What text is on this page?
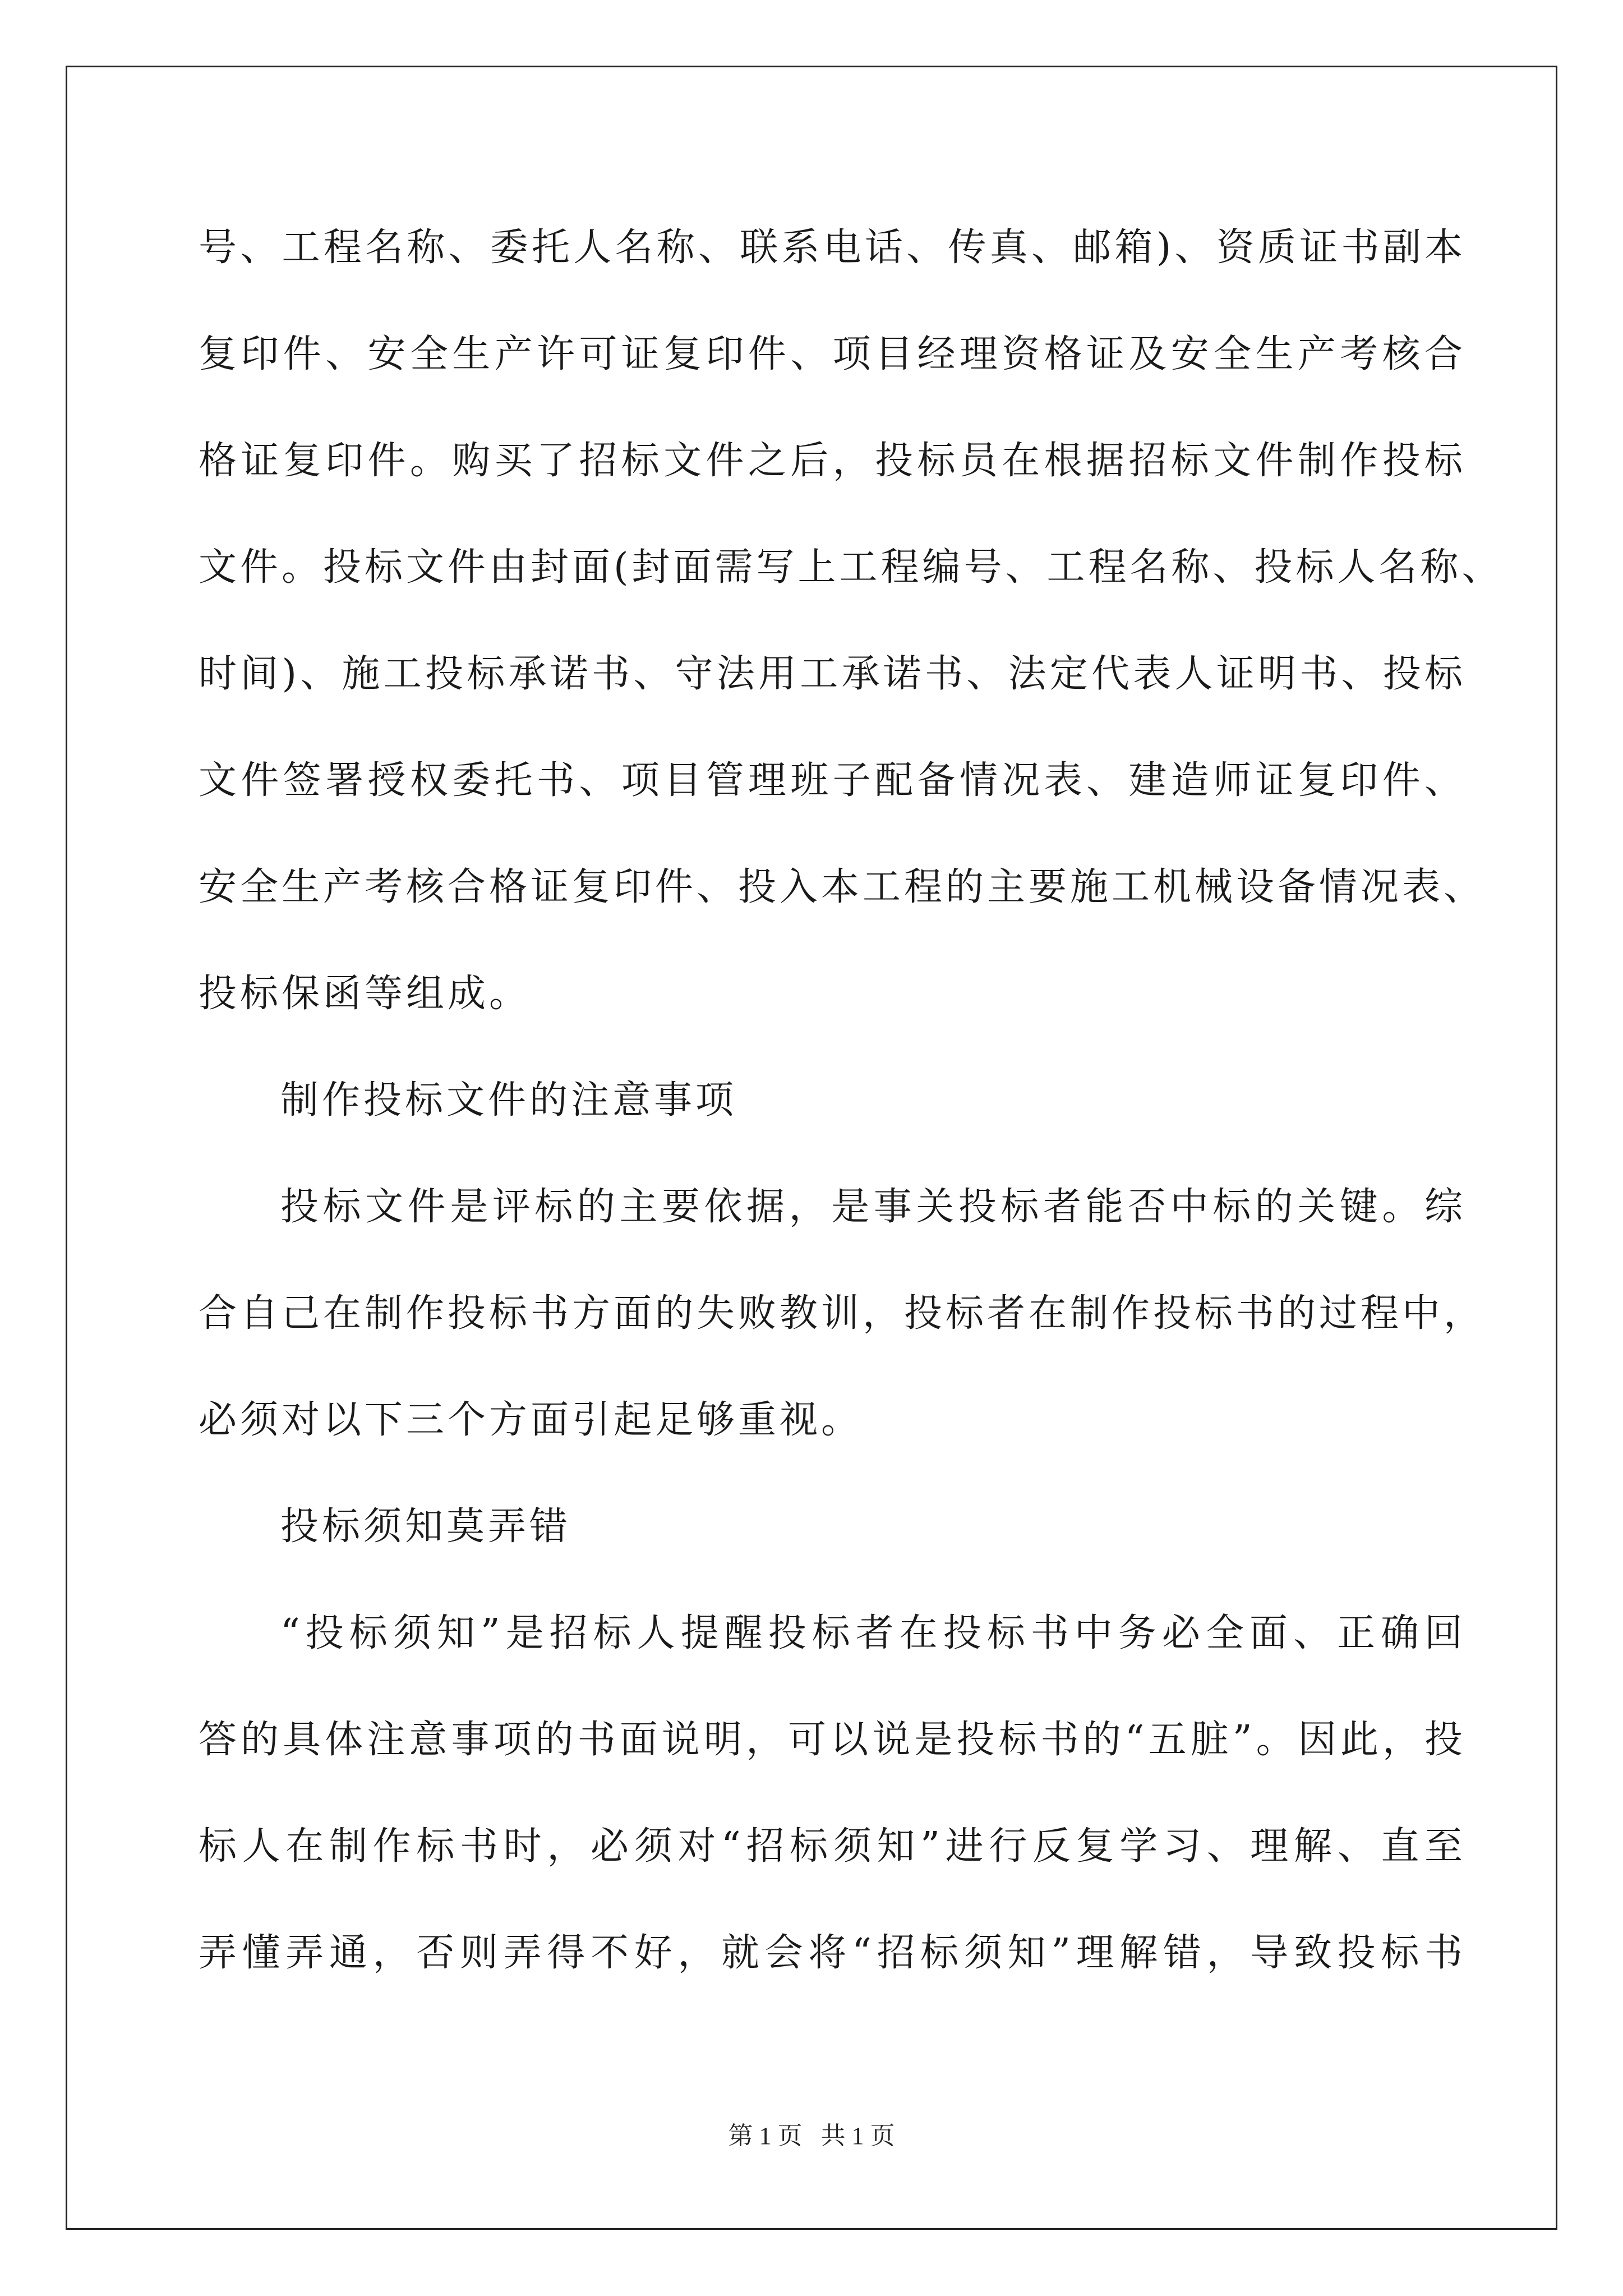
号、工程名称、委托人名称、联系电话、传真、邮箱)、资质证书副本
复印件、安全生产许可证复印件、项目经理资格证及安全生产考核合
格证复印件。购买了招标文件之后，投标员在根据招标文件制作投标
文件。投标文件由封面(封面需写上工程编号、工程名称、投标人名称、
时间)、施工投标承诺书、守法用工承诺书、法定代表人证明书、投标
文件签署授权委托书、项目管理班子配备情况表、建造师证复印件、
安全生产考核合格证复印件、投入本工程的主要施工机械设备情况表、
投标保函等组成。
制作投标文件的注意事项
投标文件是评标的主要依据，是事关投标者能否中标的关键。综
合自己在制作投标书方面的失败教训，投标者在制作投标书的过程中，
必须对以下三个方面引起足够重视。
投标须知莫弄错
“投标须知”是招标人提醒投标者在投标书中务必全面、正确回
答的具体注意事项的书面说明，可以说是投标书的“五脏”。因此，投
标人在制作标书时，必须对“招标须知”进行反复学习、理解、直至
弄懂弄通，否则弄得不好，就会将“招标须知”理解错，导致投标书
第 1 页 共 1 页
